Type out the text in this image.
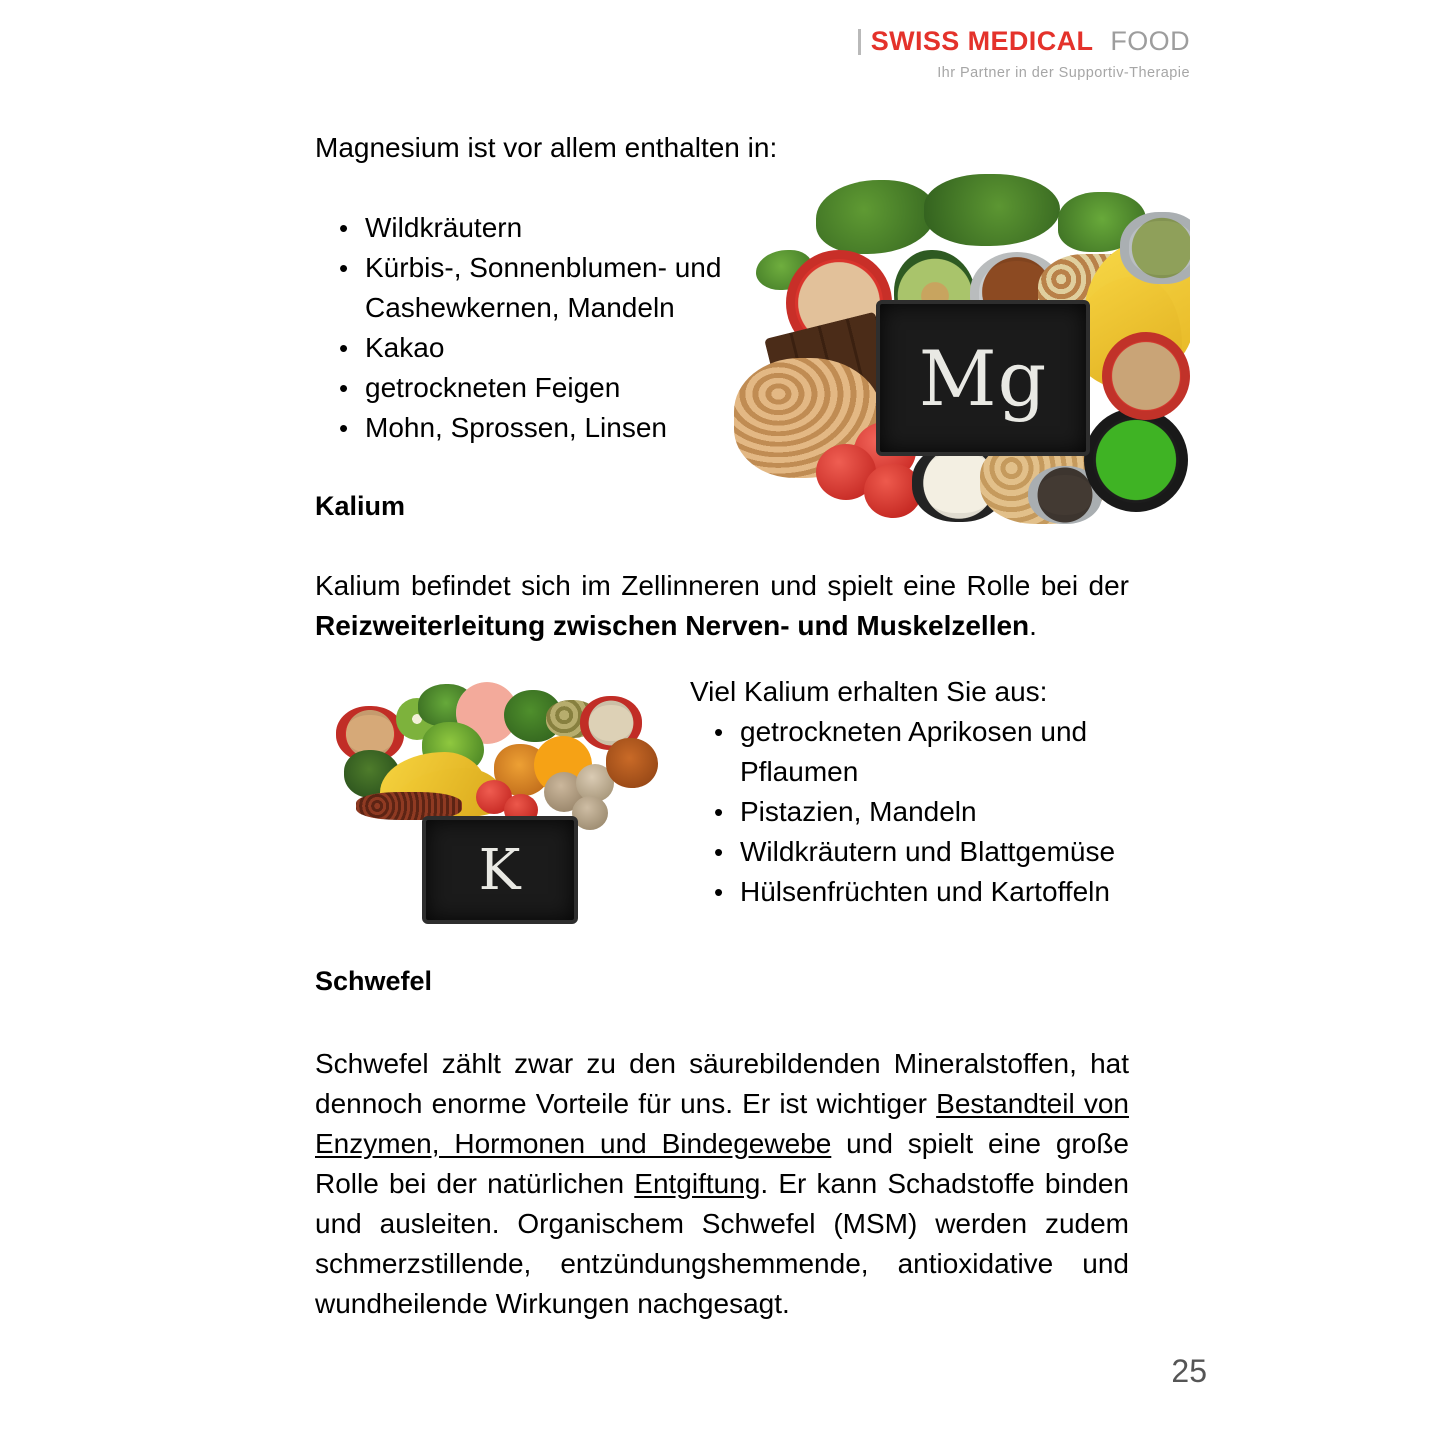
SWISS MEDICAL FOOD
Ihr Partner in der Supportiv-Therapie
Magnesium ist vor allem enthalten in:
• Wildkräutern
• Kürbis-, Sonnenblumen- und Cashewkernen, Mandeln
• Kakao
• getrockneten Feigen
• Mohn, Sprossen, Linsen
Mg
Kalium

Kalium befindet sich im Zellinneren und spielt eine Rolle bei der Reizweiterleitung zwischen Nerven- und Muskelzellen.

K
Viel Kalium erhalten Sie aus:
• getrockneten Aprikosen und Pflaumen
• Pistazien, Mandeln
• Wildkräutern und Blattgemüse
• Hülsenfrüchten und Kartoffeln
Schwefel

Schwefel zählt zwar zu den säurebildenden Mineralstoffen, hat dennoch enorme Vorteile für uns. Er ist wichtiger Bestandteil von Enzymen, Hormonen und Bindegewebe und spielt eine große Rolle bei der natürlichen Entgiftung. Er kann Schadstoffe binden und ausleiten. Organischem Schwefel (MSM) werden zudem schmerzstillende, entzündungshemmende, antioxidative und wundheilende Wirkungen nachgesagt.

25
